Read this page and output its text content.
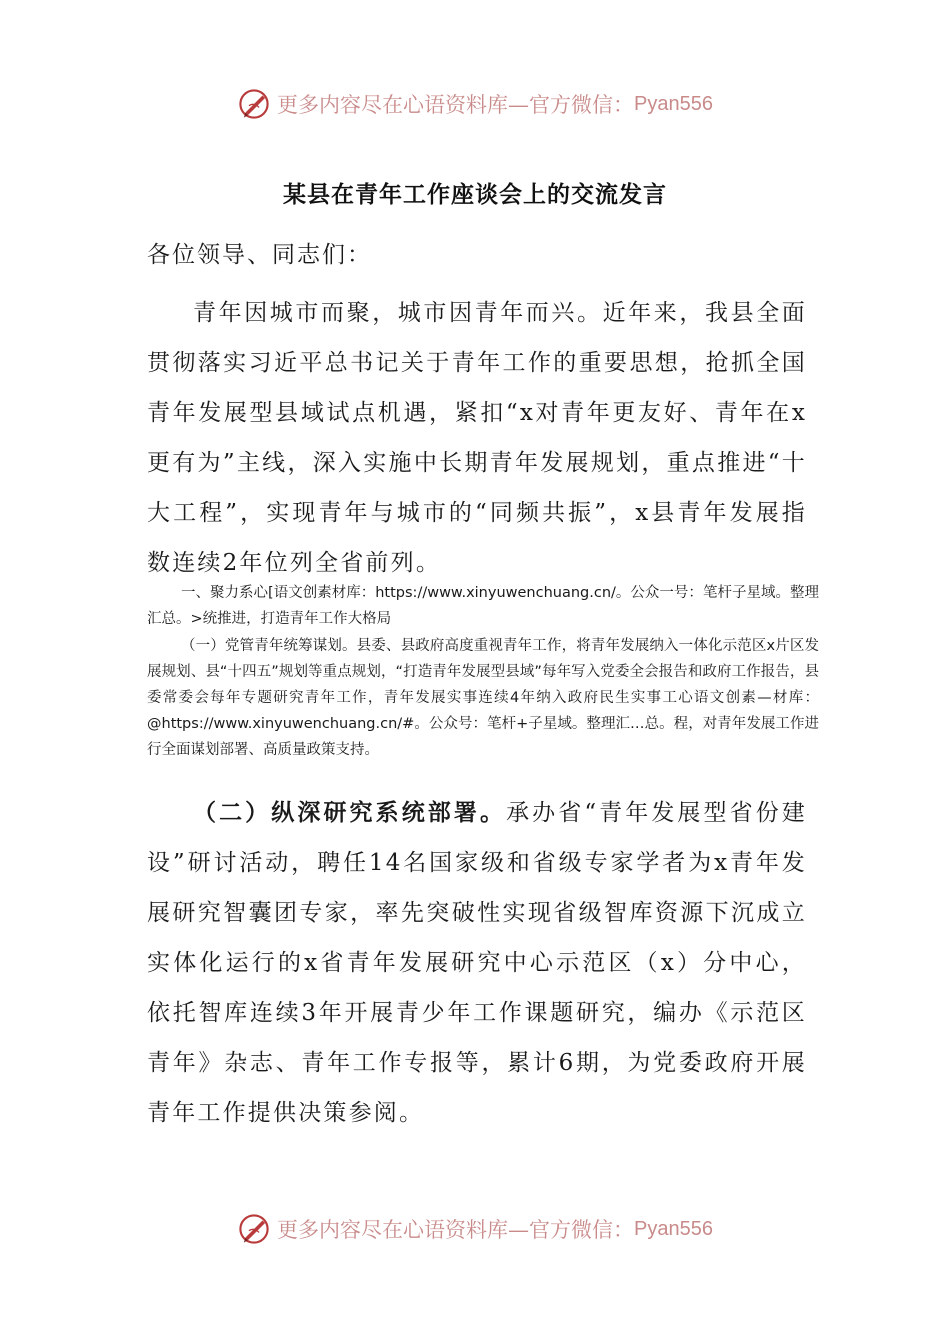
更多内容尽在心语资料库—官方微信： Pyan556
某县在青年工作座谈会上的交流发言
各位领导、同志们：
青年因城市而聚，城市因青年而兴。近年来，我县全面贯彻落实习近平总书记关于青年工作的重要思想，抢抓全国青年发展型县域试点机遇，紧扣“x对青年更友好、青年在x更有为”主线，深入实施中长期青年发展规划，重点推进“十大工程”，实现青年与城市的“同频共振”，x县青年发展指数连续2年位列全省前列。
一、聚力系心[语文创素材库：https://www.xinyuwenchuang.cn/。公众一号：笔杆子星域。整理汇总。>统推进，打造青年工作大格局
（一）党管青年统筹谋划。县委、县政府高度重视青年工作，将青年发展纳入一体化示范区x片区发展规划、县“十四五”规划等重点规划，“打造青年发展型县域”每年写入党委全会报告和政府工作报告，县委常委会每年专题研究青年工作，青年发展实事连续4年纳入政府民生实事工心语文创素—材库：@https://www.xinyuwenchuang.cn/#。公众号：笔杆+子星域。整理汇…总。程，对青年发展工作进行全面谋划部署、高质量政策支持。
（二）纵深研究系统部署。承办省“青年发展型省份建设”研讨活动，聘任14名国家级和省级专家学者为x青年发展研究智囊团专家，率先突破性实现省级智库资源下沉成立实体化运行的x省青年发展研究中心示范区（x）分中心，依托智库连续3年开展青少年工作课题研究，编办《示范区青年》杂志、青年工作专报等，累计6期，为党委政府开展青年工作提供决策参阅。
更多内容尽在心语资料库—官方微信： Pyan556
